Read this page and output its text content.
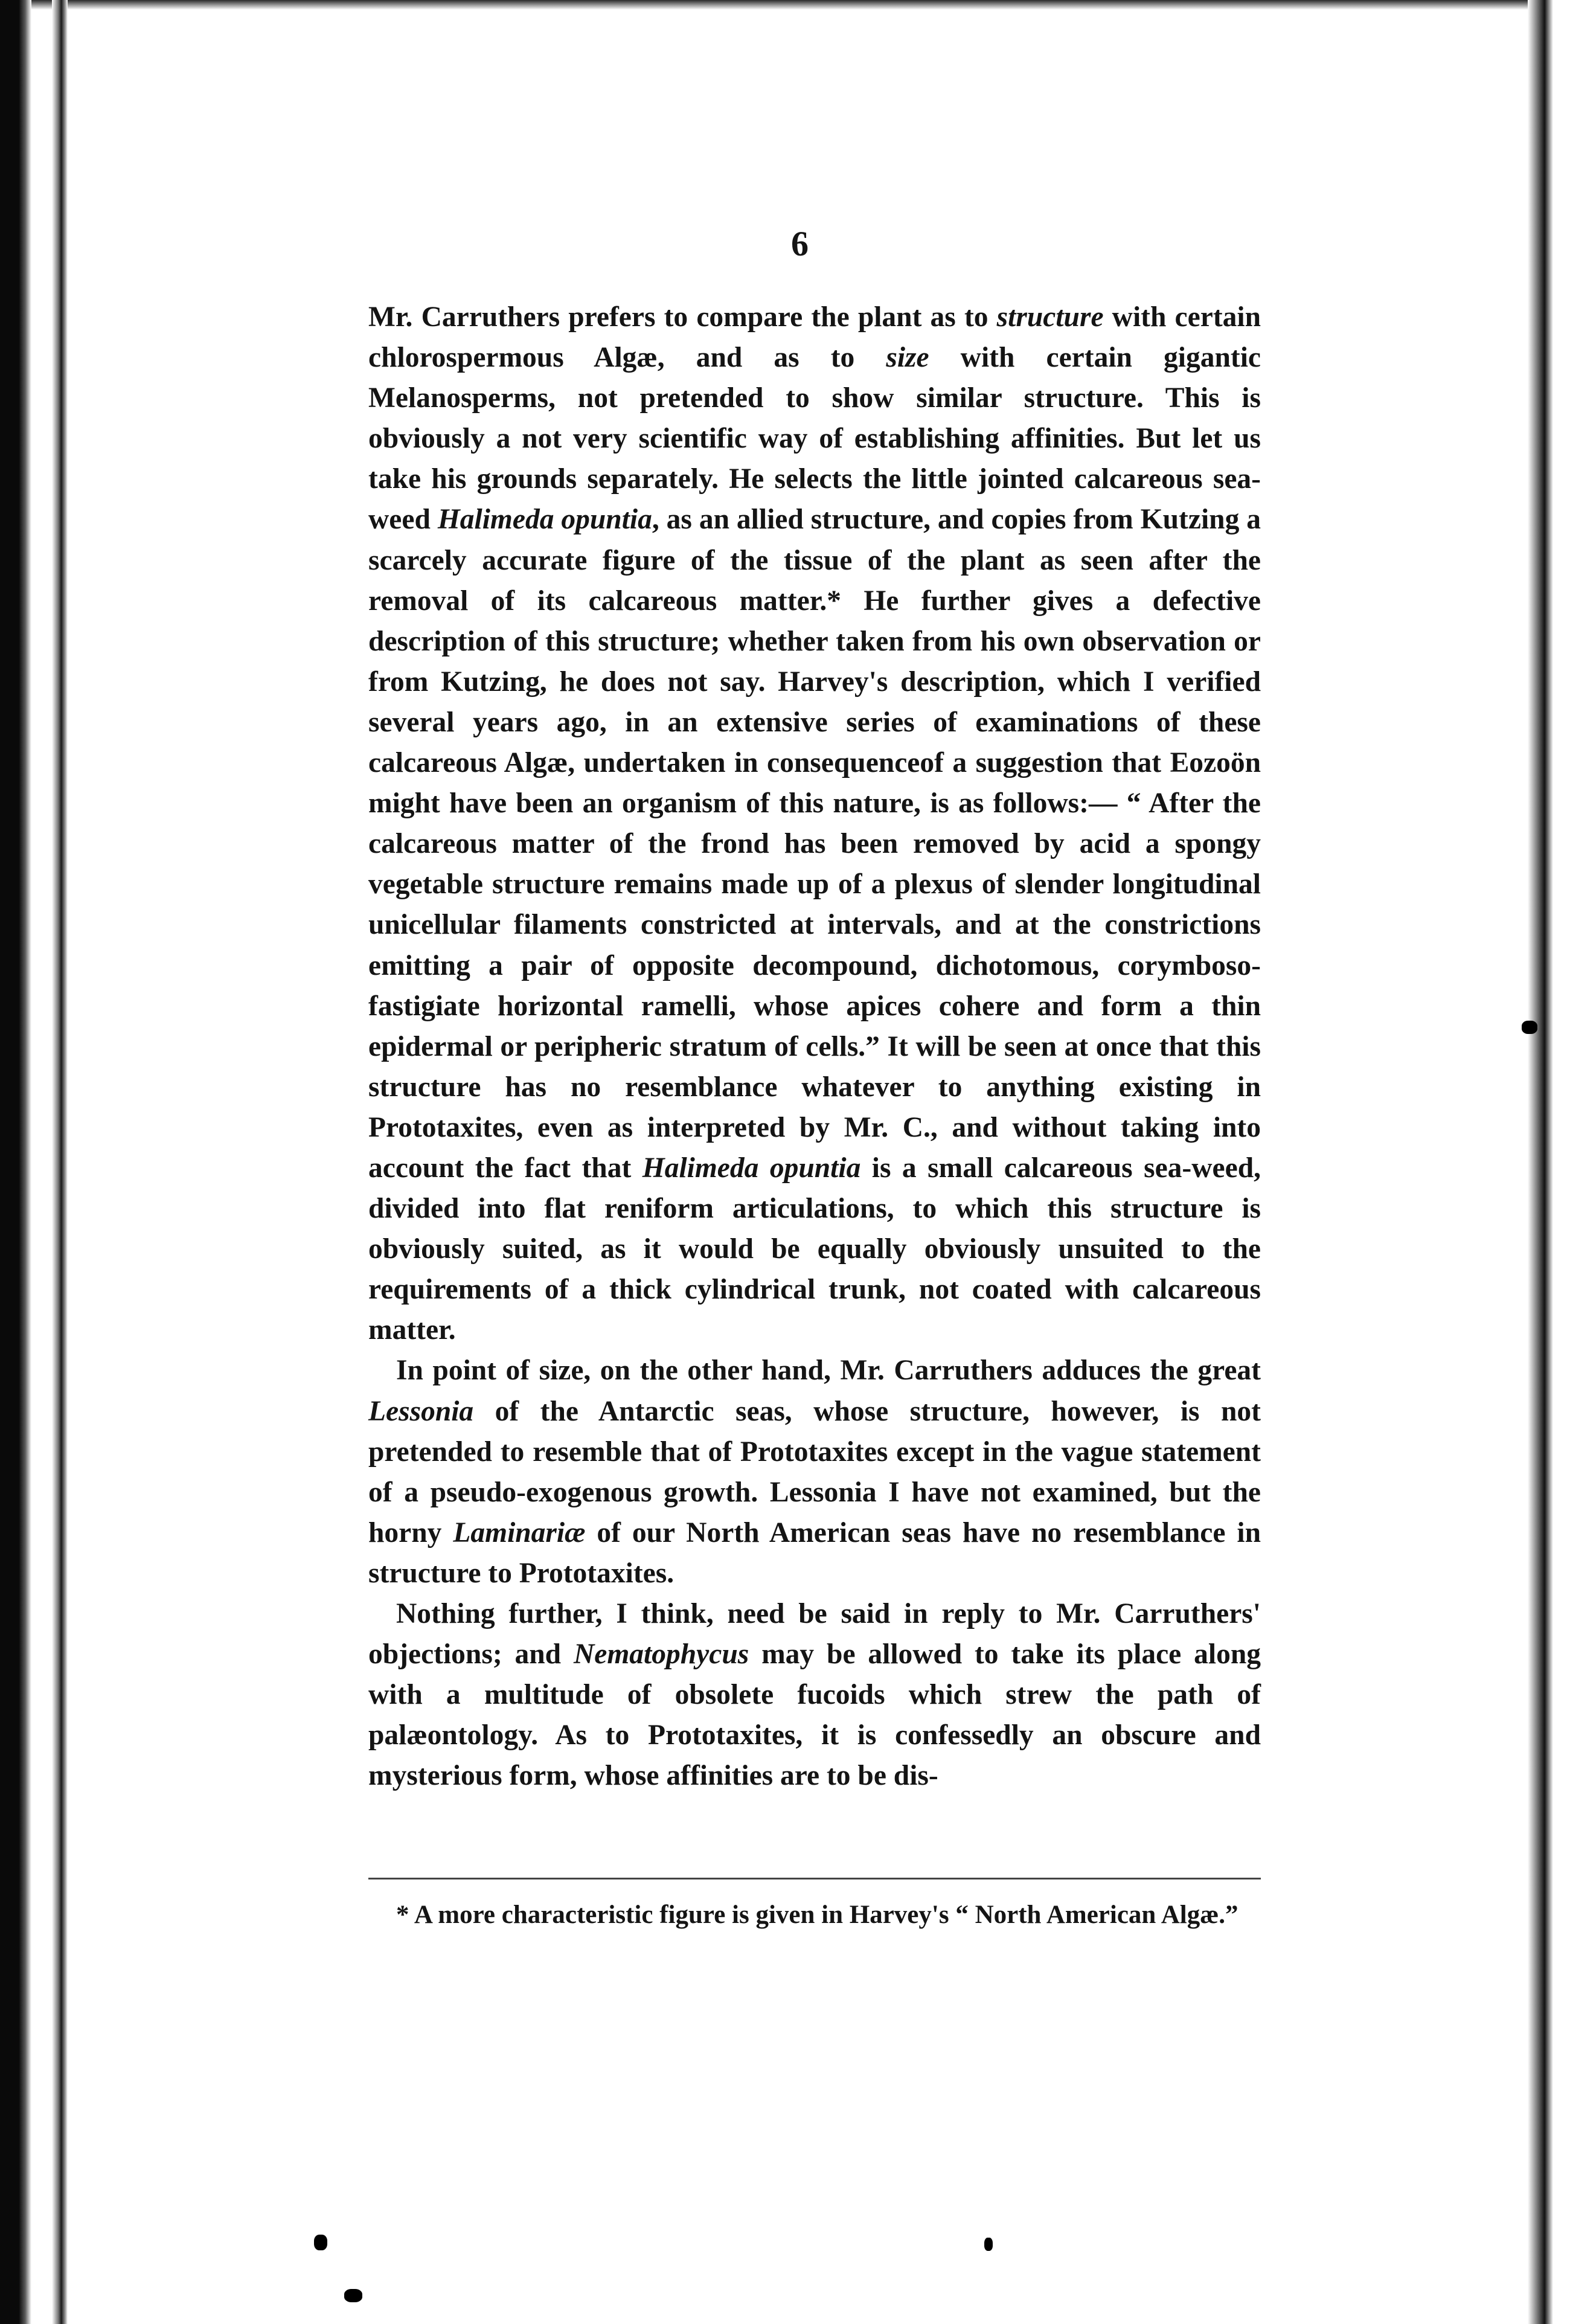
6

Mr. Carruthers prefers to compare the plant as to structure with certain chlorospermous Algæ, and as to size with certain gigantic Melanosperms, not pretended to show similar structure. This is obviously a not very scientific way of establishing affinities. But let us take his grounds separately. He selects the little jointed calcareous sea-weed Halimeda opuntia, as an allied structure, and copies from Kutzing a scarcely accurate figure of the tissue of the plant as seen after the removal of its calcareous matter.* He further gives a defective description of this structure; whether taken from his own observation or from Kutzing, he does not say. Harvey's description, which I verified several years ago, in an extensive series of examinations of these calcareous Algæ, undertaken in consequenceof a suggestion that Eozoön might have been an organism of this nature, is as follows:— “ After the calcareous matter of the frond has been removed by acid a spongy vegetable structure remains made up of a plexus of slender longitudinal unicellular filaments constricted at intervals, and at the constrictions emitting a pair of opposite decompound, dichotomous, corymboso-fastigiate horizontal ramelli, whose apices cohere and form a thin epidermal or peripheric stratum of cells.” It will be seen at once that this structure has no resemblance whatever to anything existing in Prototaxites, even as interpreted by Mr. C., and without taking into account the fact that Halimeda opuntia is a small calcareous sea-weed, divided into flat reniform articulations, to which this structure is obviously suited, as it would be equally obviously unsuited to the requirements of a thick cylindrical trunk, not coated with calcareous matter.

In point of size, on the other hand, Mr. Carruthers adduces the great Lessonia of the Antarctic seas, whose structure, however, is not pretended to resemble that of Prototaxites except in the vague statement of a pseudo-exogenous growth. Lessonia I have not examined, but the horny Laminariæ of our North American seas have no resemblance in structure to Prototaxites.

Nothing further, I think, need be said in reply to Mr. Carruthers' objections; and Nematophycus may be allowed to take its place along with a multitude of obsolete fucoids which strew the path of palæontology. As to Prototaxites, it is confessedly an obscure and mysterious form, whose affinities are to be dis-

* A more characteristic figure is given in Harvey's “ North American Algæ.”
